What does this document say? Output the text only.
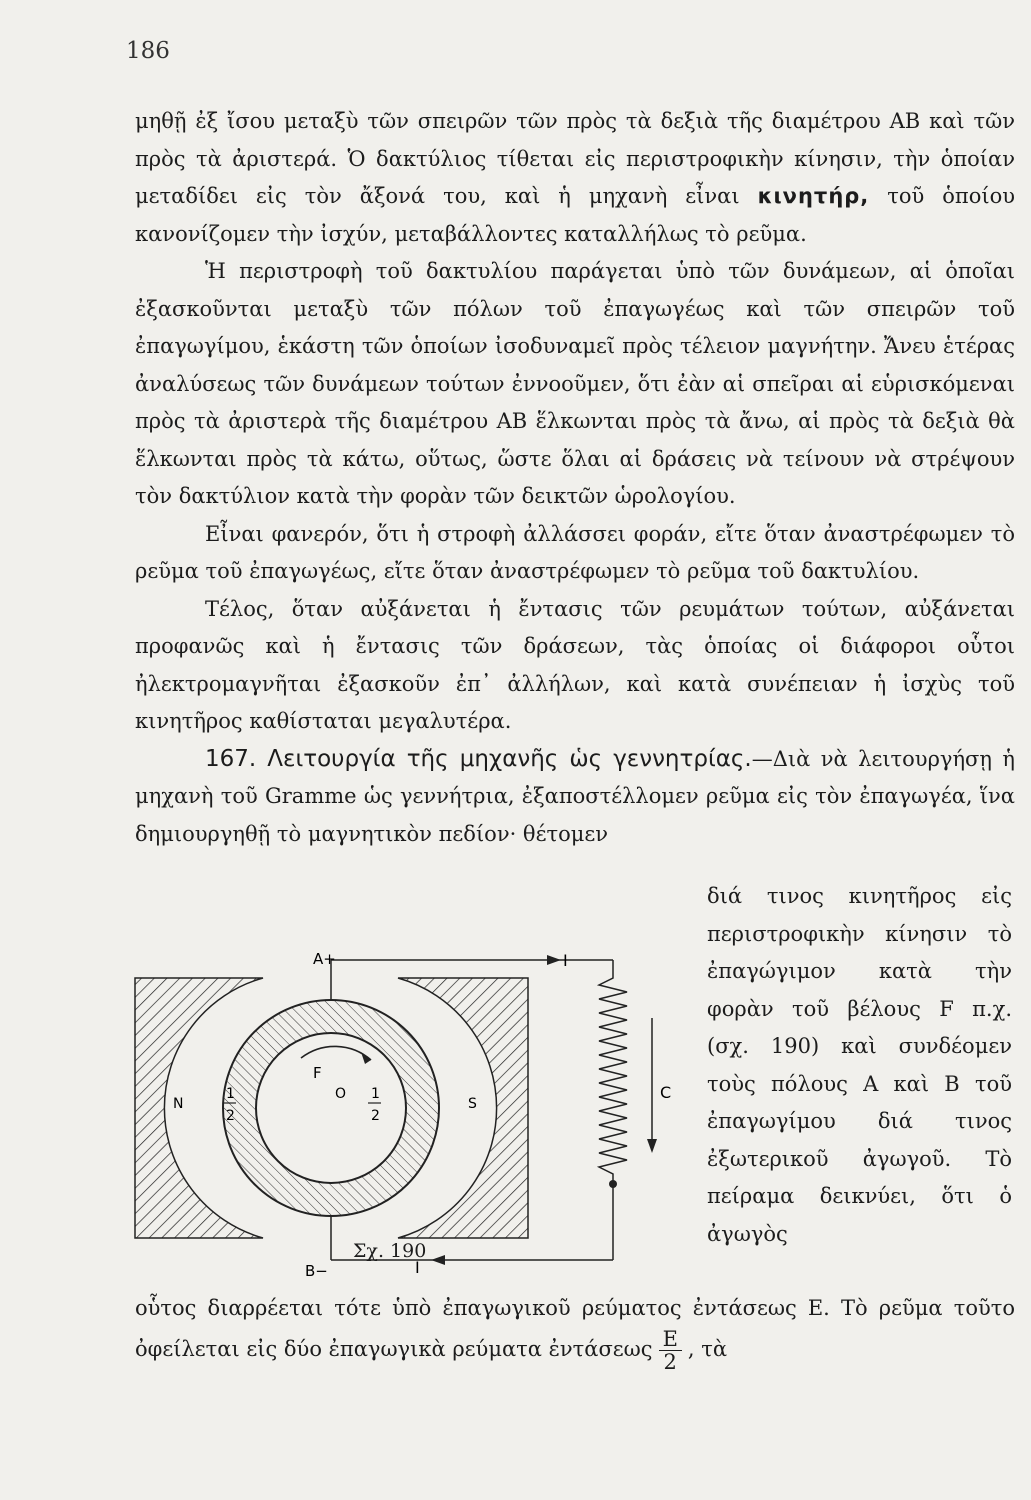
186

μηθῇ ἐξ ἴσου μεταξὺ τῶν σπειρῶν τῶν πρὸς τὰ δεξιὰ τῆς διαμέτρου ΑΒ καὶ τῶν πρὸς τὰ ἀριστερά. Ὁ δακτύλιος τίθεται εἰς περιστροφικὴν κίνησιν, τὴν ὁποίαν μεταδίδει εἰς τὸν ἄξονά του, καὶ ἡ μηχανὴ εἶναι κινητήρ, τοῦ ὁποίου κανονίζομεν τὴν ἰσχύν, μεταβάλλοντες καταλλήλως τὸ ρεῦμα.

Ἡ περιστροφὴ τοῦ δακτυλίου παράγεται ὑπὸ τῶν δυνάμεων, αἱ ὁποῖαι ἐξασκοῦνται μεταξὺ τῶν πόλων τοῦ ἐπαγωγέως καὶ τῶν σπειρῶν τοῦ ἐπαγωγίμου, ἑκάστη τῶν ὁποίων ἰσοδυναμεῖ πρὸς τέλειον μαγνήτην. Ἄνευ ἑτέρας ἀναλύσεως τῶν δυνάμεων τούτων ἐννοοῦμεν, ὅτι ἐὰν αἱ σπεῖραι αἱ εὑρισκόμεναι πρὸς τὰ ἀριστερὰ τῆς διαμέτρου ΑΒ ἕλκωνται πρὸς τὰ ἄνω, αἱ πρὸς τὰ δεξιὰ θὰ ἕλκωνται πρὸς τὰ κάτω, οὕτως, ὥστε ὅλαι αἱ δράσεις νὰ τείνουν νὰ στρέψουν τὸν δακτύλιον κατὰ τὴν φορὰν τῶν δεικτῶν ὡρολογίου.

Εἶναι φανερόν, ὅτι ἡ στροφὴ ἀλλάσσει φοράν, εἴτε ὅταν ἀναστρέφωμεν τὸ ρεῦμα τοῦ ἐπαγωγέως, εἴτε ὅταν ἀναστρέφωμεν τὸ ρεῦμα τοῦ δακτυλίου.

Τέλος, ὅταν αὐξάνεται ἡ ἔντασις τῶν ρευμάτων τούτων, αὐξάνεται προφανῶς καὶ ἡ ἔντασις τῶν δράσεων, τὰς ὁποίας οἱ διάφοροι οὗτοι ἠλεκτρομαγνῆται ἐξασκοῦν ἐπ᾽ ἀλλήλων, καὶ κατὰ συνέπειαν ἡ ἰσχὺς τοῦ κινητῆρος καθίσταται μεγαλυτέρα.

167. Λειτουργία τῆς μηχανῆς ὡς γεννητρίας.—Διὰ νὰ λειτουργήσῃ ἡ μηχανὴ τοῦ Gramme ὡς γεννήτρια, ἐξαποστέλλομεν ρεῦμα εἰς τὸν ἐπαγωγέα, ἵνα δημιουργηθῇ τὸ μαγνητικὸν πεδίον· θέτομεν

A+
B−
I
I
C
F
O
N	S
1
2
1
2
Σχ. 190

διά τινος κινητῆρος εἰς περιστροφικὴν κίνησιν τὸ ἐπαγώγιμον κατὰ τὴν φορὰν τοῦ βέλους F π.χ. (σχ. 190) καὶ συνδέομεν τοὺς πόλους Α καὶ Β τοῦ ἐπαγωγίμου διά τινος ἐξωτερικοῦ ἀγωγοῦ. Τὸ πείραμα δεικνύει, ὅτι ὁ ἀγωγὸς

οὗτος διαρρέεται τότε ὑπὸ ἐπαγωγικοῦ ρεύματος ἐντάσεως Ε. Τὸ ρεῦμα τοῦτο ὀφείλεται εἰς δύο ἐπαγωγικὰ ρεύματα ἐντάσεως $\frac{E}{2}$ , τὰ
